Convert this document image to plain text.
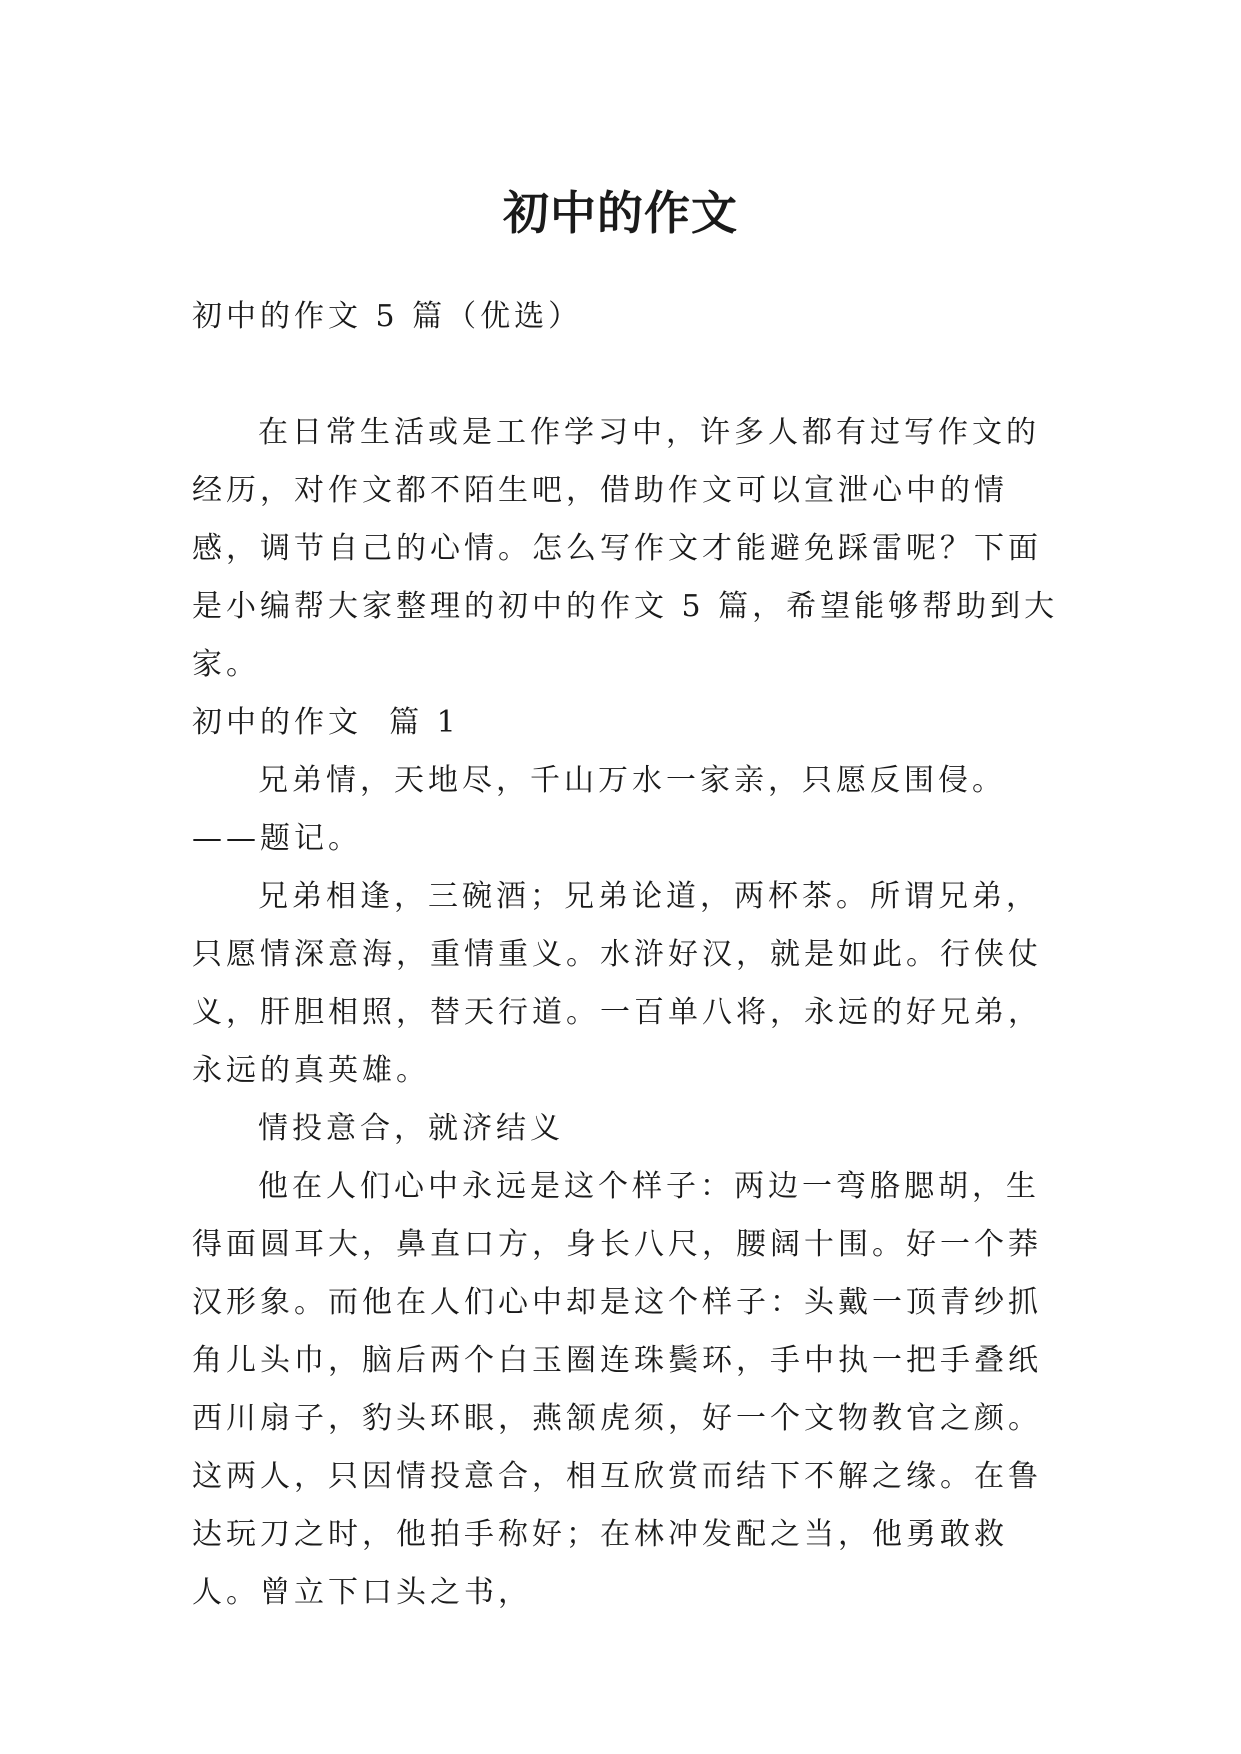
初中的作文

初中的作文 5 篇（优选）

在日常生活或是工作学习中，许多人都有过写作文的经历，对作文都不陌生吧，借助作文可以宣泄心中的情感，调节自己的心情。怎么写作文才能避免踩雷呢？下面是小编帮大家整理的初中的作文 5 篇，希望能够帮助到大家。

初中的作文  篇 1

兄弟情，天地尽，千山万水一家亲，只愿反围侵。——题记。

兄弟相逢，三碗酒；兄弟论道，两杯茶。所谓兄弟，只愿情深意海，重情重义。水浒好汉，就是如此。行侠仗义，肝胆相照，替天行道。一百单八将，永远的好兄弟，永远的真英雄。

情投意合，就济结义

他在人们心中永远是这个样子：两边一弯胳腮胡，生得面圆耳大，鼻直口方，身长八尺，腰阔十围。好一个莽汉形象。而他在人们心中却是这个样子：头戴一顶青纱抓角儿头巾，脑后两个白玉圈连珠鬓环，手中执一把手叠纸西川扇子，豹头环眼，燕颔虎须，好一个文物教官之颜。这两人，只因情投意合，相互欣赏而结下不解之缘。在鲁达玩刀之时，他拍手称好；在林冲发配之当，他勇敢救人。曾立下口头之书，
